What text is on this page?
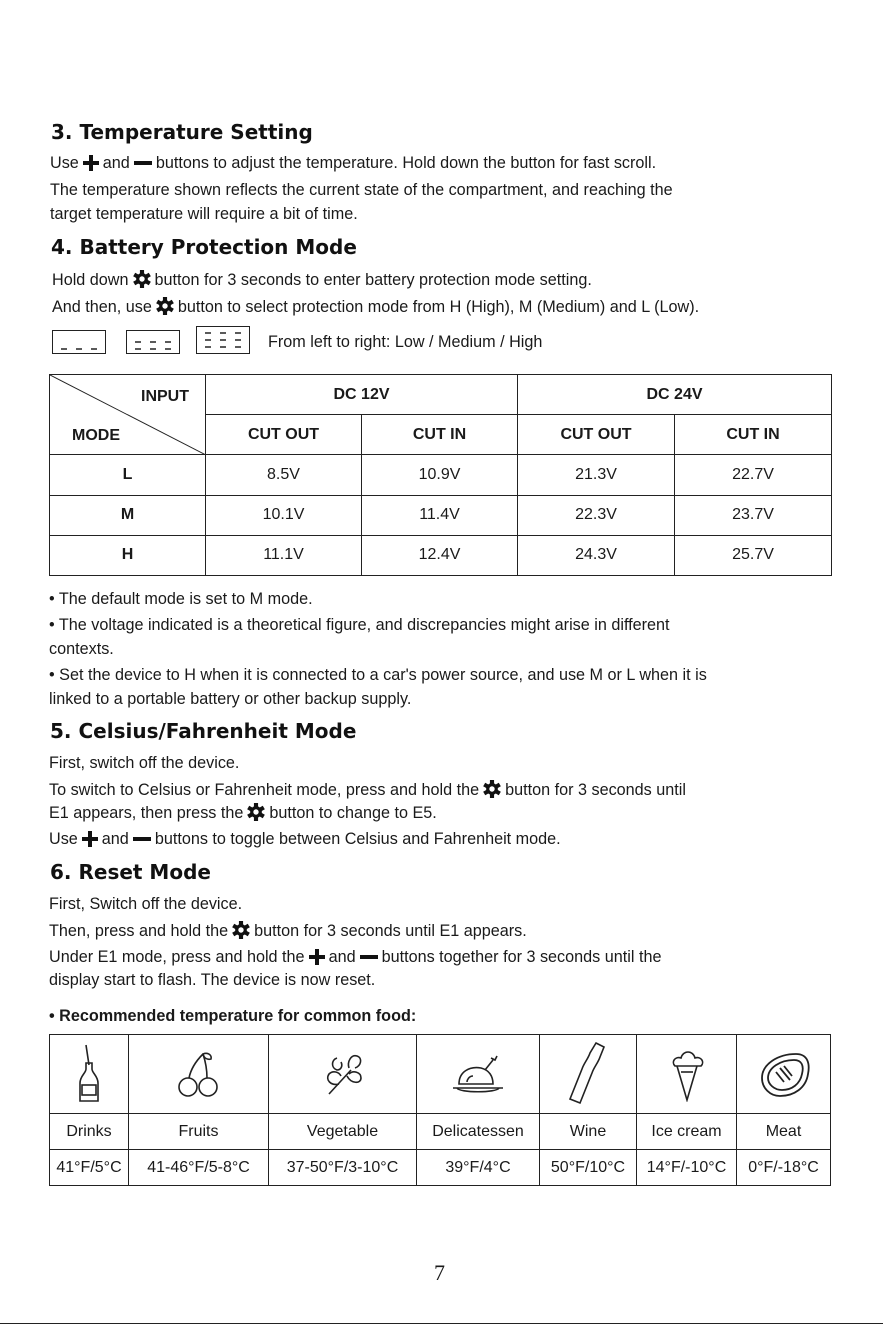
3. Temperature Setting
Use and buttons to adjust the temperature. Hold down the button for fast scroll.
The temperature shown reflects the current state of the compartment, and reaching the
target temperature will require a bit of time.
4. Battery Protection Mode
Hold down button for 3 seconds to enter battery protection mode setting.
And then, use button to select protection mode from H (High), M (Medium) and L (Low).
From left to right: Low / Medium / High
INPUT
MODE	DC 12V		DC 24V	
	CUT OUT	CUT IN	CUT OUT	CUT IN
L	8.5V	10.9V	21.3V	22.7V
M	10.1V	11.4V	22.3V	23.7V
H	11.1V	12.4V	24.3V	25.7V
• The default mode is set to M mode.
• The voltage indicated is a theoretical figure, and discrepancies might arise in different
contexts.
• Set the device to H when it is connected to a car's power source, and use M or L when it is
linked to a portable battery or other backup supply.
5. Celsius/Fahrenheit Mode
First, switch off the device.
To switch to Celsius or Fahrenheit mode, press and hold the button for 3 seconds until
E1 appears, then press the button to change to E5.
Use and buttons to toggle between Celsius and Fahrenheit mode.
6. Reset Mode
First, Switch off the device.
Then, press and hold the button for 3 seconds until E1 appears.
Under E1 mode, press and hold the and buttons together for 3 seconds until the
display start to flash. The device is now reset.
• Recommended temperature for common food:

Drinks	Fruits	Vegetable	Delicatessen	Wine	Ice cream	Meat
41°F/5°C	41-46°F/5-8°C	37-50°F/3-10°C	39°F/4°C	50°F/10°C	14°F/-10°C	0°F/-18°C
7
